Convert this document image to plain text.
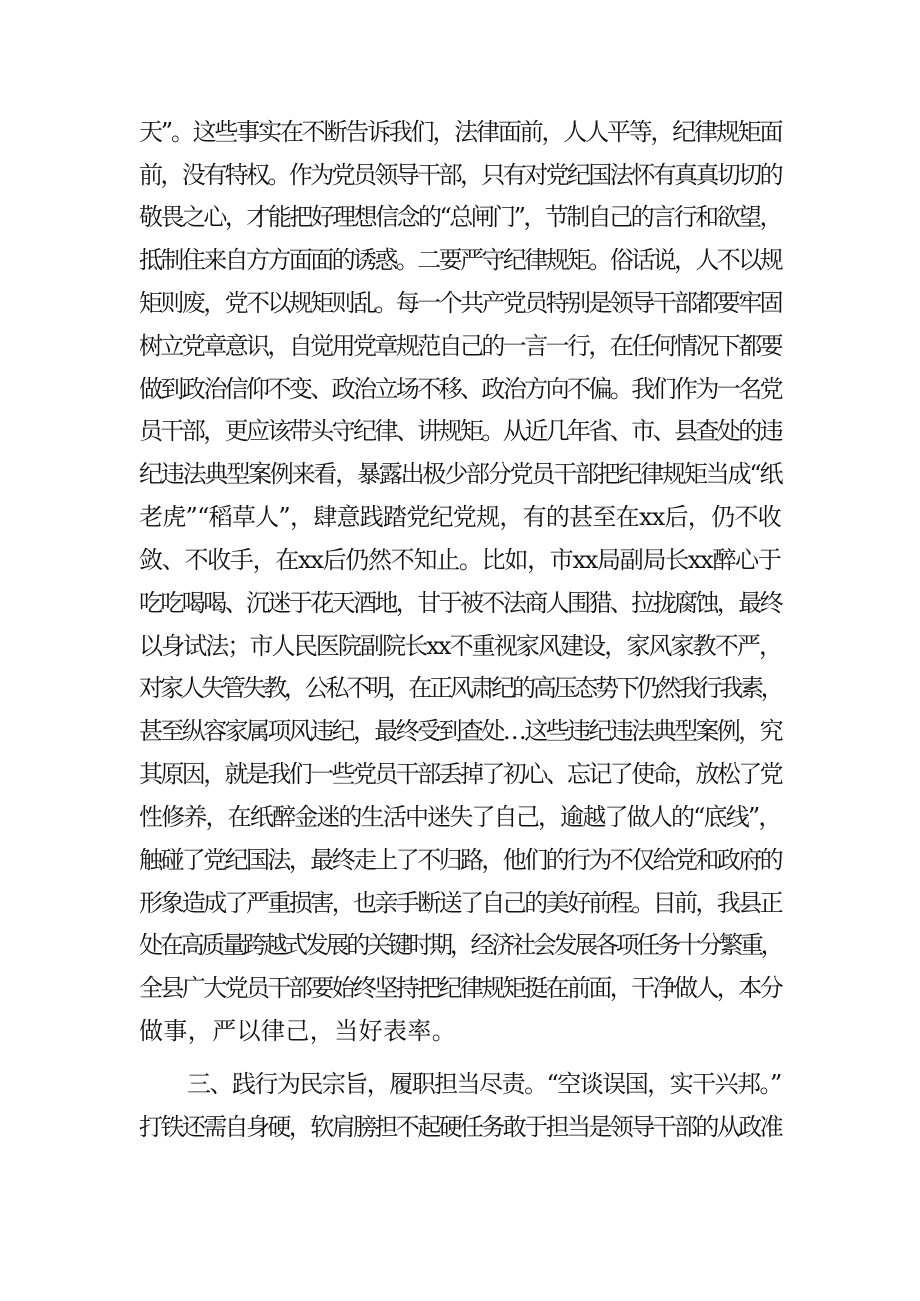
天”。这些事实在不断告诉我们，法律面前，人人平等，纪律规矩面
前，没有特权。作为党员领导干部，只有对党纪国法怀有真真切切的
敬畏之心，才能把好理想信念的“总闸门”，节制自己的言行和欲望，
抵制住来自方方面面的诱惑。二要严守纪律规矩。俗话说，人不以规
矩则废，党不以规矩则乱。每一个共产党员特别是领导干部都要牢固
树立党章意识，自觉用党章规范自己的一言一行，在任何情况下都要
做到政治信仰不变、政治立场不移、政治方向不偏。我们作为一名党
员干部，更应该带头守纪律、讲规矩。从近几年省、市、县查处的违
纪违法典型案例来看，暴露出极少部分党员干部把纪律规矩当成“纸
老虎”“稻草人”，肆意践踏党纪党规，有的甚至在xx后，仍不收
敛、不收手，在xx后仍然不知止。比如，市xx局副局长xx醉心于
吃吃喝喝、沉迷于花天酒地，甘于被不法商人围猎、拉拢腐蚀，最终
以身试法；市人民医院副院长xx不重视家风建设，家风家教不严，
对家人失管失教，公私不明，在正风肃纪的高压态势下仍然我行我素，
甚至纵容家属项风违纪，最终受到查处…这些违纪违法典型案例，究
其原因，就是我们一些党员干部丢掉了初心、忘记了使命，放松了党
性修养，在纸醉金迷的生活中迷失了自己，逾越了做人的“底线”，
触碰了党纪国法，最终走上了不归路，他们的行为不仅给党和政府的
形象造成了严重损害，也亲手断送了自己的美好前程。目前，我县正
处在高质量跨越式发展的关键时期，经济社会发展各项任务十分繁重，
全县广大党员干部要始终坚持把纪律规矩挺在前面，干净做人，本分
做事，严以律己，当好表率。
三、践行为民宗旨，履职担当尽责。“空谈误国，实干兴邦。”
打铁还需自身硬，软肩膀担不起硬任务敢于担当是领导干部的从政准
